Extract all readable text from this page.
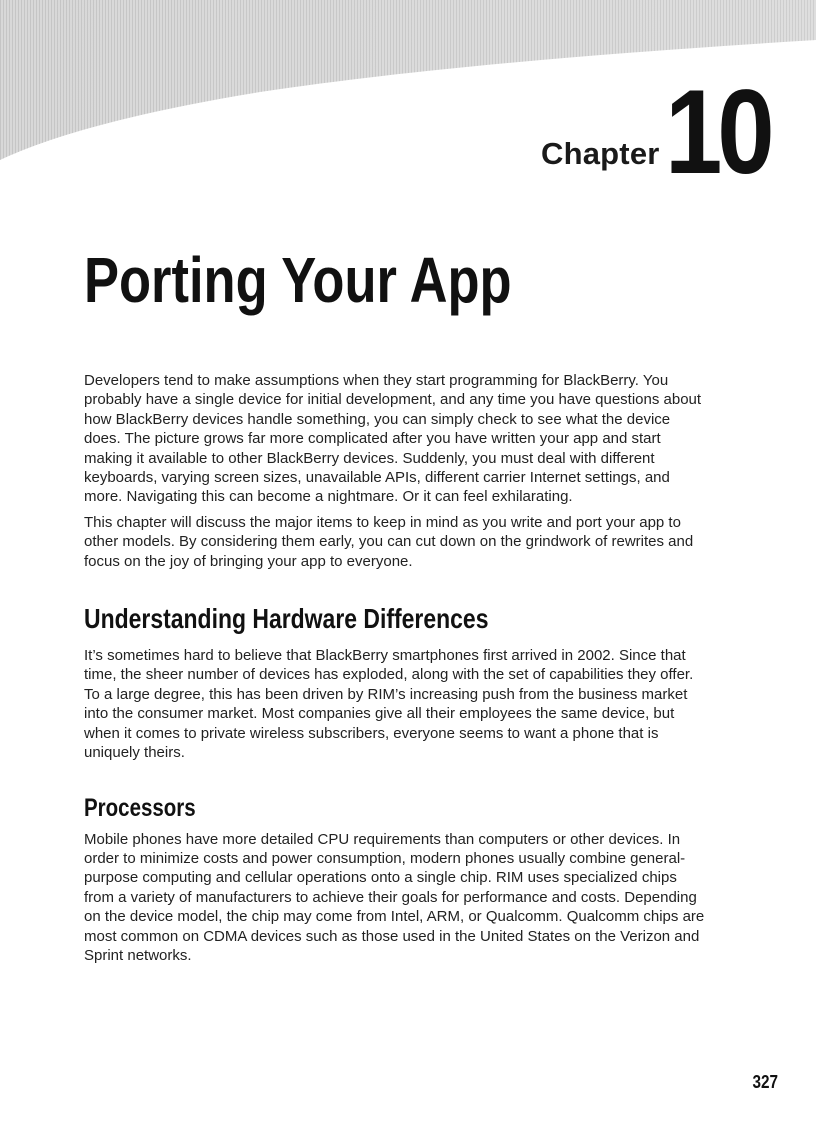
Chapter 10
Porting Your App

Developers tend to make assumptions when they start programming for BlackBerry. You probably have a single device for initial development, and any time you have questions about how BlackBerry devices handle something, you can simply check to see what the device does. The picture grows far more complicated after you have written your app and start making it available to other BlackBerry devices. Suddenly, you must deal with different keyboards, varying screen sizes, unavailable APIs, different carrier Internet settings, and more. Navigating this can become a nightmare. Or it can feel exhilarating.

This chapter will discuss the major items to keep in mind as you write and port your app to other models. By considering them early, you can cut down on the grindwork of rewrites and focus on the joy of bringing your app to everyone.

Understanding Hardware Differences

It’s sometimes hard to believe that BlackBerry smartphones first arrived in 2002. Since that time, the sheer number of devices has exploded, along with the set of capabilities they offer. To a large degree, this has been driven by RIM’s increasing push from the business market into the consumer market. Most companies give all their employees the same device, but when it comes to private wireless subscribers, everyone seems to want a phone that is uniquely theirs.

Processors

Mobile phones have more detailed CPU requirements than computers or other devices. In order to minimize costs and power consumption, modern phones usually combine general-purpose computing and cellular operations onto a single chip. RIM uses specialized chips from a variety of manufacturers to achieve their goals for performance and costs. Depending on the device model, the chip may come from Intel, ARM, or Qualcomm. Qualcomm chips are most common on CDMA devices such as those used in the United States on the Verizon and Sprint networks.

327
